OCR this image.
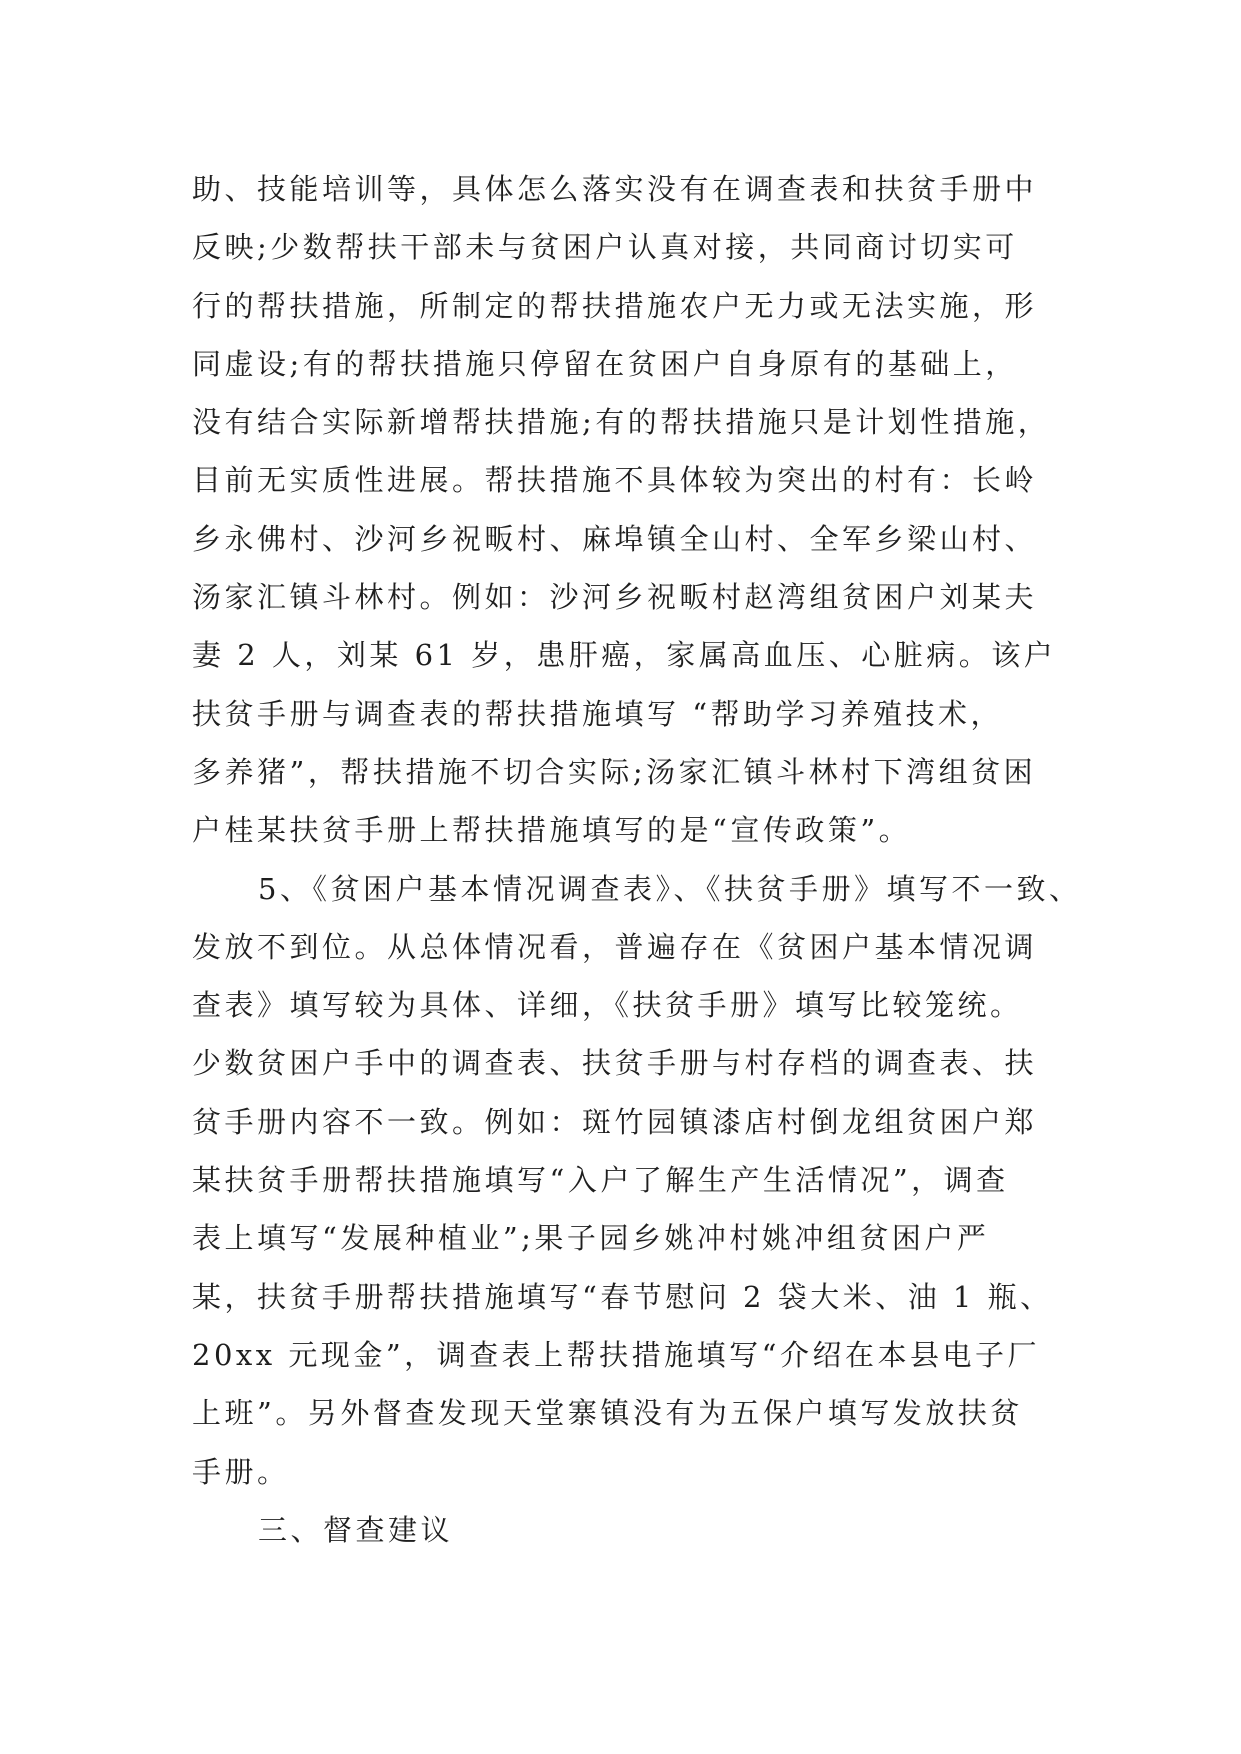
助、技能培训等，具体怎么落实没有在调查表和扶贫手册中
反映;少数帮扶干部未与贫困户认真对接，共同商讨切实可
行的帮扶措施，所制定的帮扶措施农户无力或无法实施，形
同虚设;有的帮扶措施只停留在贫困户自身原有的基础上，
没有结合实际新增帮扶措施;有的帮扶措施只是计划性措施，
目前无实质性进展。帮扶措施不具体较为突出的村有：长岭
乡永佛村、沙河乡祝畈村、麻埠镇全山村、全军乡梁山村、
汤家汇镇斗林村。例如：沙河乡祝畈村赵湾组贫困户刘某夫
妻 2 人，刘某 61 岁，患肝癌，家属高血压、心脏病。该户
扶贫手册与调查表的帮扶措施填写 “帮助学习养殖技术，
多养猪”，帮扶措施不切合实际;汤家汇镇斗林村下湾组贫困
户桂某扶贫手册上帮扶措施填写的是“宣传政策”。
5、《贫困户基本情况调查表》、《扶贫手册》填写不一致、
发放不到位。从总体情况看，普遍存在《贫困户基本情况调
查表》填写较为具体、详细，《扶贫手册》填写比较笼统。
少数贫困户手中的调查表、扶贫手册与村存档的调查表、扶
贫手册内容不一致。例如：斑竹园镇漆店村倒龙组贫困户郑
某扶贫手册帮扶措施填写“入户了解生产生活情况”，调查
表上填写“发展种植业”;果子园乡姚冲村姚冲组贫困户严
某，扶贫手册帮扶措施填写“春节慰问 2 袋大米、油 1 瓶、
20xx 元现金”，调查表上帮扶措施填写“介绍在本县电子厂
上班”。另外督查发现天堂寨镇没有为五保户填写发放扶贫
手册。
三、督查建议
